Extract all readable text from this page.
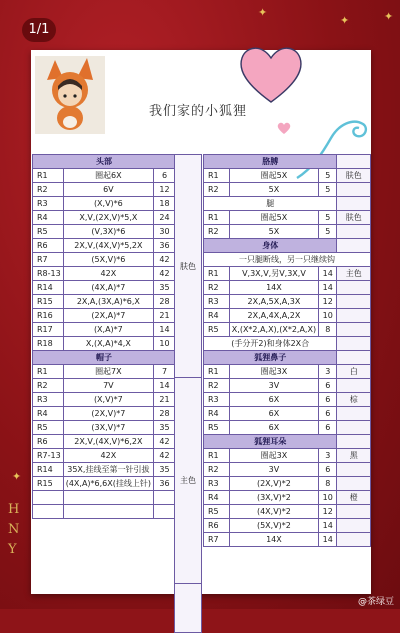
1/1
✦
✦	✦
✦
H
N
Y
我们家的小狐狸
头部		
R1	圈起6X	6
R2	6V	12
R3	(X,V)*6	18
R4	X,V,(2X,V)*5,X	24
R5	(V,3X)*6	30
R6	2X,V,(4X,V)*5,2X	36
R7	(5X,V)*6	42
R8-13	42X	42
R14	(4X,A)*7	35
R15	2X,A,(3X,A)*6,X	28
R16	(2X,A)*7	21
R17	(X,A)*7	14
R18	X,(X,A)*4,X	10
帽子		
R1	圈起7X	7
R2	7V	14
R3	(X,V)*7	21
R4	(2X,V)*7	28
R5	(3X,V)*7	35
R6	2X,V,(4X,V)*6,2X	42
R7-13	42X	42
R14	35X,挂线至第一针引拔	35
R15	(4X,A)*6,6X(挂线上针)	36

肤色
主色

胳膊			
R1	圈起5X	5	肤色
R2	5X	5	
腿			
R1	圈起5X	5	肤色
R2	5X	5	
身体			
一只腿断线，另一只继续钩			
R1	V,3X,V,另V,3X,V	14	主色
R2	14X	14	
R3	2X,A,5X,A,3X	12	
R4	2X,A,4X,A,2X	10	
R5	X,(X*2,A,X),(X*2,A,X)	8	
(手分开2)和身体2X合			
狐狸鼻子			
R1	圈起3X	3	白
R2	3V	6	
R3	6X	6	棕
R4	6X	6	
R5	6X	6	
狐狸耳朵			
R1	圈起3X	3	黑
R2	3V	6	
R3	(2X,V)*2	8	
R4	(3X,V)*2	10	橙
R5	(4X,V)*2	12	
R6	(5X,V)*2	14	
R7	14X	14	
@茶绿豆
